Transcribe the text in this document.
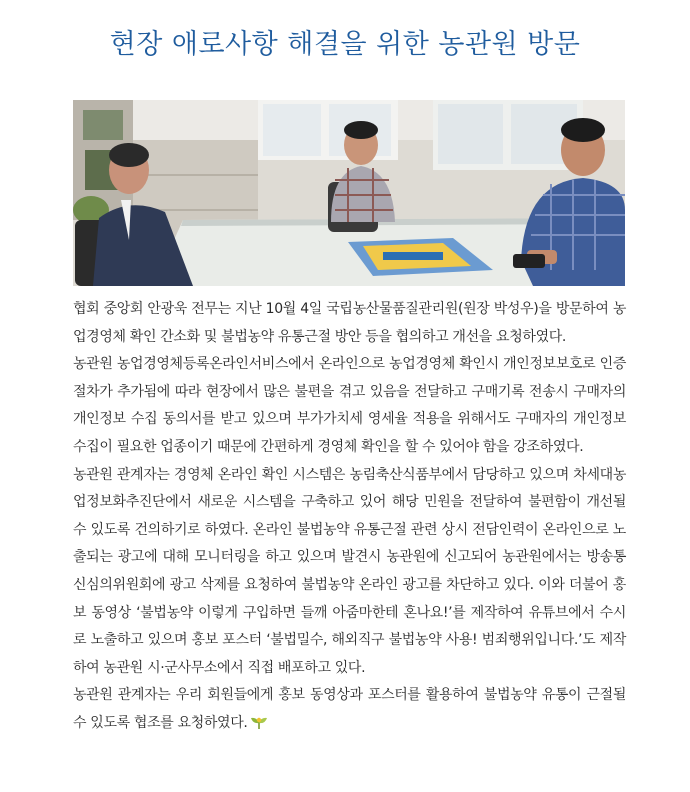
현장 애로사항 해결을 위한 농관원 방문

협회 중앙회 안광욱 전무는 지난 10월 4일 국립농산물품질관리원(원장 박성우)을 방문하여 농업경영체 확인 간소화 및 불법농약 유통근절 방안 등을 협의하고 개선을 요청하였다.

농관원 농업경영체등록온라인서비스에서 온라인으로 농업경영체 확인시 개인정보보호로 인증절차가 추가됨에 따라 현장에서 많은 불편을 겪고 있음을 전달하고 구매기록 전송시 구매자의 개인정보 수집 동의서를 받고 있으며 부가가치세 영세율 적용을 위해서도 구매자의 개인정보 수집이 필요한 업종이기 때문에 간편하게 경영체 확인을 할 수 있어야 함을 강조하였다.

농관원 관계자는 경영체 온라인 확인 시스템은 농림축산식품부에서 담당하고 있으며 차세대농업정보화추진단에서 새로운 시스템을 구축하고 있어 해당 민원을 전달하여 불편함이 개선될 수 있도록 건의하기로 하였다. 온라인 불법농약 유통근절 관련 상시 전담인력이 온라인으로 노출되는 광고에 대해 모니터링을 하고 있으며 발견시 농관원에 신고되어 농관원에서는 방송통신심의위원회에 광고 삭제를 요청하여 불법농약 온라인 광고를 차단하고 있다. 이와 더불어 홍보 동영상 ‘불법농약 이렇게 구입하면 들깨 아줌마한테 혼나요!’를 제작하여 유튜브에서 수시로 노출하고 있으며 홍보 포스터 ‘불법밀수, 해외직구 불법농약 사용! 범죄행위입니다.’도 제작하여 농관원 시·군사무소에서 직접 배포하고 있다.

농관원 관계자는 우리 회원들에게 홍보 동영상과 포스터를 활용하여 불법농약 유통이 근절될 수 있도록 협조를 요청하였다.
